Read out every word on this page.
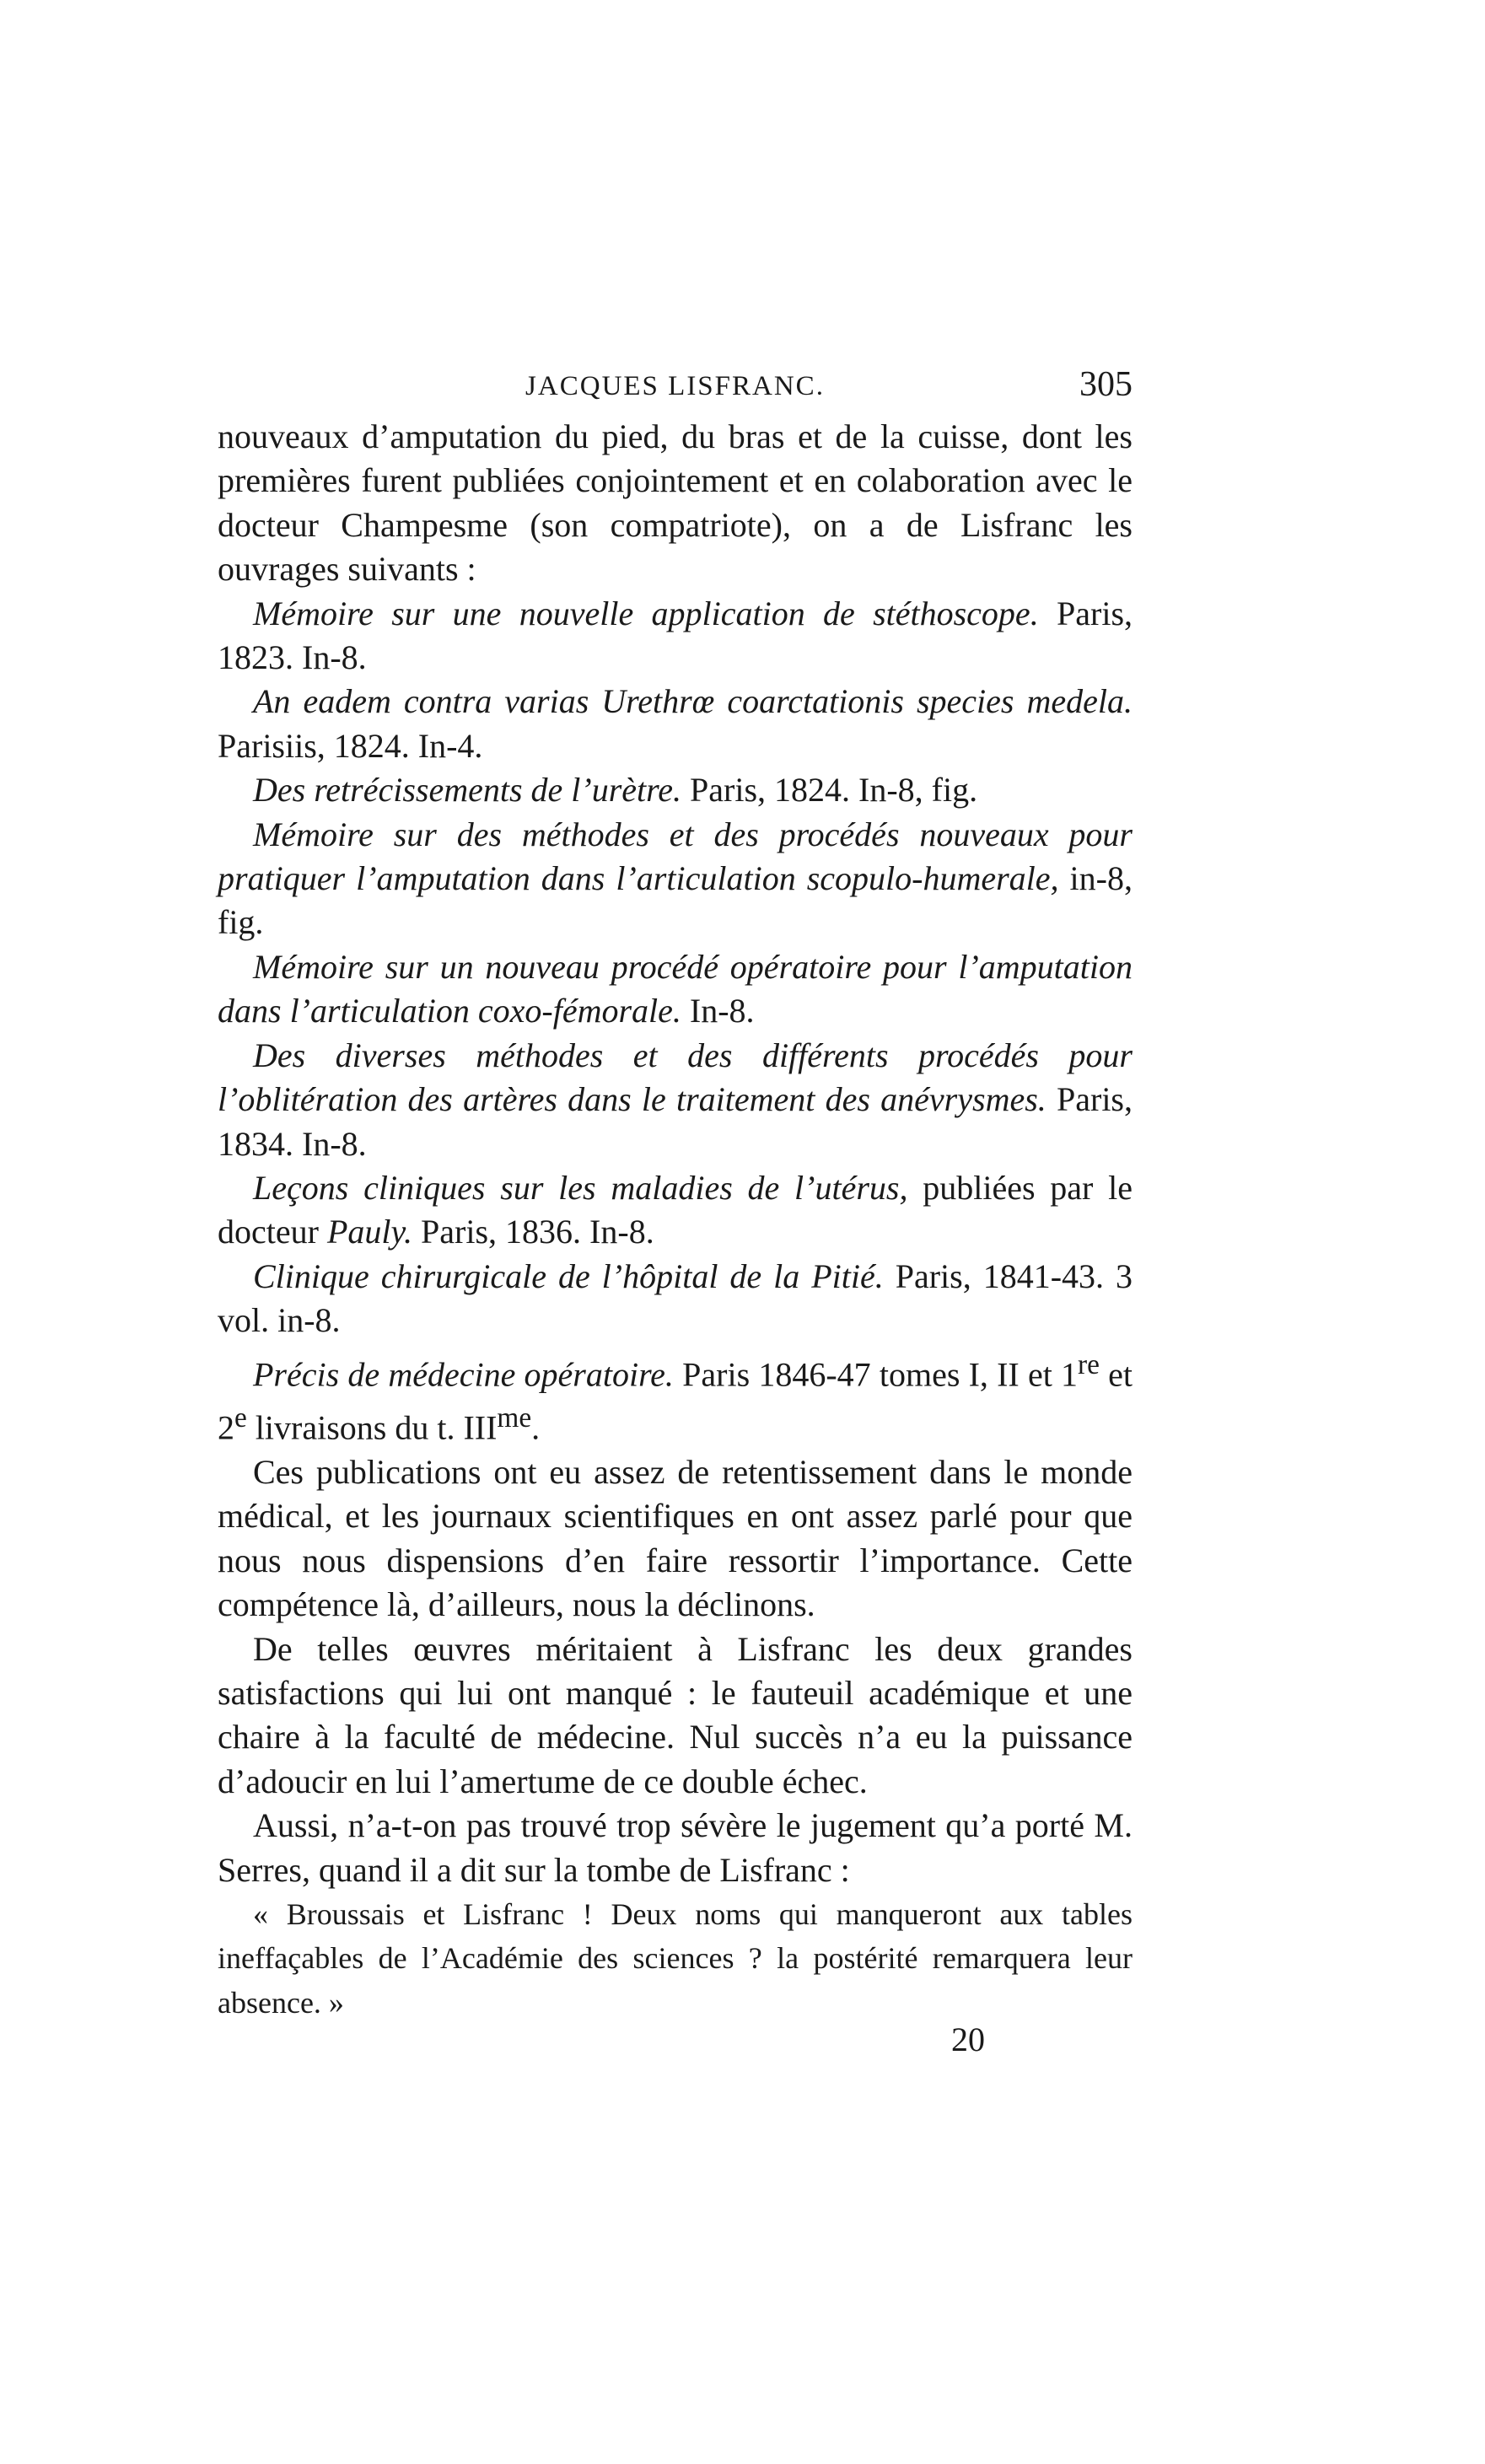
JACQUES LISFRANC.	305

nouveaux d’amputation du pied, du bras et de la cuisse, dont les premières furent publiées conjointement et en colaboration avec le docteur Champesme (son compatriote), on a de Lisfranc les ouvrages suivants :

Mémoire sur une nouvelle application de stéthoscope. Paris, 1823. In-8.

An eadem contra varias Urethrœ coarctationis species medela. Parisiis, 1824. In-4.

Des retrécissements de l’urètre. Paris, 1824. In-8, fig.

Mémoire sur des méthodes et des procédés nouveaux pour pratiquer l’amputation dans l’articulation scopulo-humerale, in-8, fig.

Mémoire sur un nouveau procédé opératoire pour l’amputation dans l’articulation coxo-fémorale. In-8.

Des diverses méthodes et des différents procédés pour l’oblitération des artères dans le traitement des anévrysmes. Paris, 1834. In-8.

Leçons cliniques sur les maladies de l’utérus, publiées par le docteur Pauly. Paris, 1836. In-8.

Clinique chirurgicale de l’hôpital de la Pitié. Paris, 1841-43. 3 vol. in-8.

Précis de médecine opératoire. Paris 1846-47 tomes I, II et 1re et 2e livraisons du t. $III^{me}$.

Ces publications ont eu assez de retentissement dans le monde médical, et les journaux scientifiques en ont assez parlé pour que nous nous dispensions d’en faire ressortir l’importance. Cette compétence là, d’ailleurs, nous la déclinons.

De telles œuvres méritaient à Lisfranc les deux grandes satisfactions qui lui ont manqué : le fauteuil académique et une chaire à la faculté de médecine. Nul succès n’a eu la puissance d’adoucir en lui l’amertume de ce double échec.

Aussi, n’a-t-on pas trouvé trop sévère le jugement qu’a porté M. Serres, quand il a dit sur la tombe de Lisfranc :

« Broussais et Lisfranc ! Deux noms qui manqueront aux tables ineffaçables de l’Académie des sciences ? la postérité remarquera leur absence. »

20
